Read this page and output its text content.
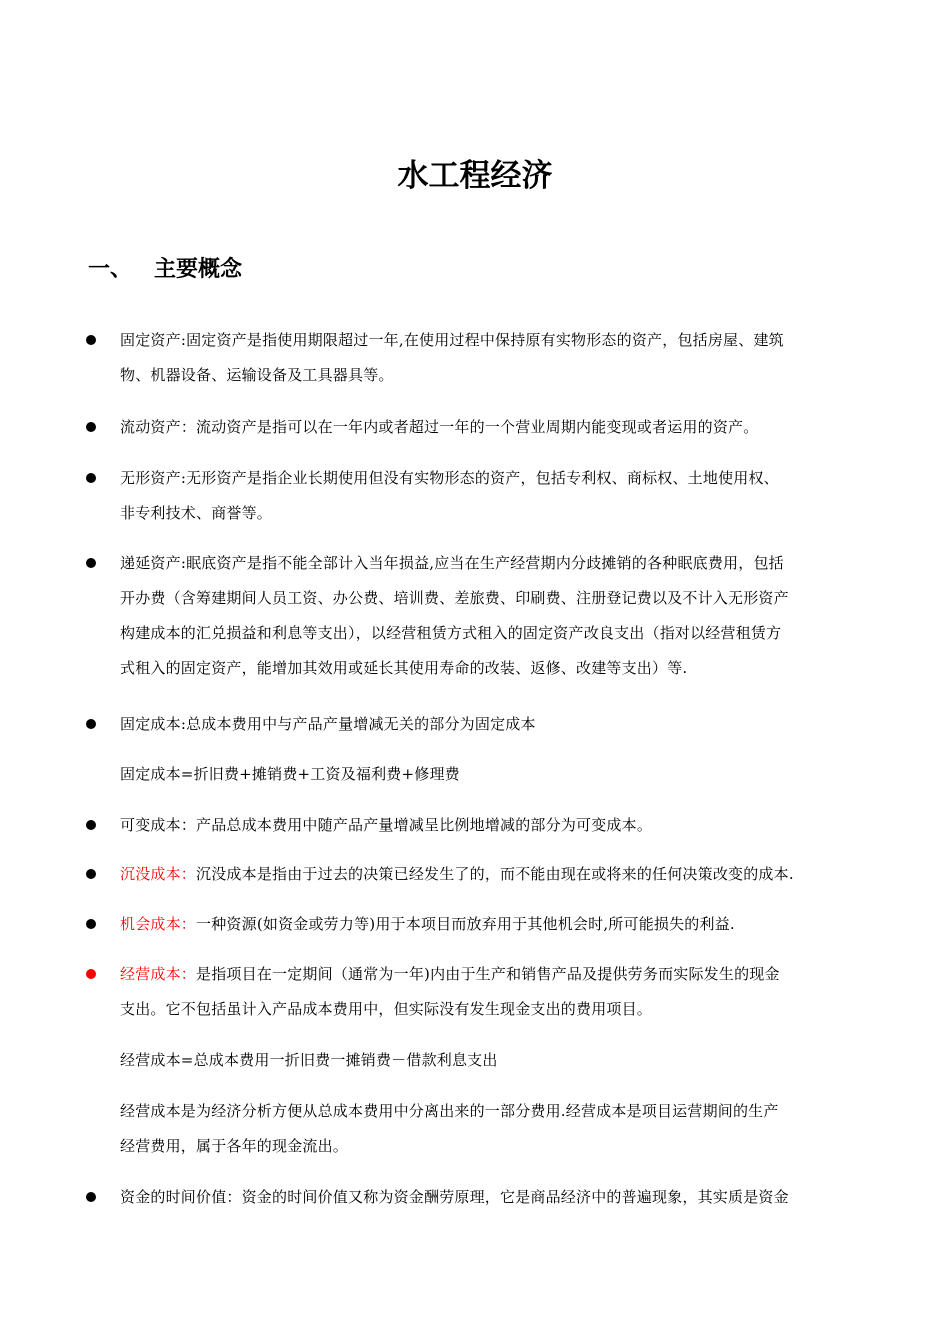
水工程经济
一、 主要概念
固定资产:固定资产是指使用期限超过一年,在使用过程中保持原有实物形态的资产，包括房屋、建筑
物、机器设备、运输设备及工具器具等。
流动资产：流动资产是指可以在一年内或者超过一年的一个营业周期内能变现或者运用的资产。
无形资产:无形资产是指企业长期使用但没有实物形态的资产，包括专利权、商标权、土地使用权、
非专利技术、商誉等。
递延资产:眠底资产是指不能全部计入当年损益,应当在生产经营期内分歧摊销的各种眠底费用，包括
开办费（含筹建期间人员工资、办公费、培训费、差旅费、印刷费、注册登记费以及不计入无形资产
构建成本的汇兑损益和利息等支出），以经营租赁方式租入的固定资产改良支出（指对以经营租赁方
式租入的固定资产，能增加其效用或延长其使用寿命的改装、返修、改建等支出）等.
固定成本:总成本费用中与产品产量增减无关的部分为固定成本
固定成本=折旧费+摊销费+工资及福利费+修理费
可变成本：产品总成本费用中随产品产量增减呈比例地增减的部分为可变成本。
沉没成本：沉没成本是指由于过去的决策已经发生了的，而不能由现在或将来的任何决策改变的成本.
机会成本：一种资源(如资金或劳力等)用于本项目而放弃用于其他机会时,所可能损失的利益.
经营成本：是指项目在一定期间（通常为一年)内由于生产和销售产品及提供劳务而实际发生的现金
支出。它不包括虽计入产品成本费用中，但实际没有发生现金支出的费用项目。
经营成本=总成本费用一折旧费一摊销费－借款利息支出
经营成本是为经济分析方便从总成本费用中分离出来的一部分费用.经营成本是项目运营期间的生产
经营费用，属于各年的现金流出。
资金的时间价值：资金的时间价值又称为资金酬劳原理，它是商品经济中的普遍现象，其实质是资金
